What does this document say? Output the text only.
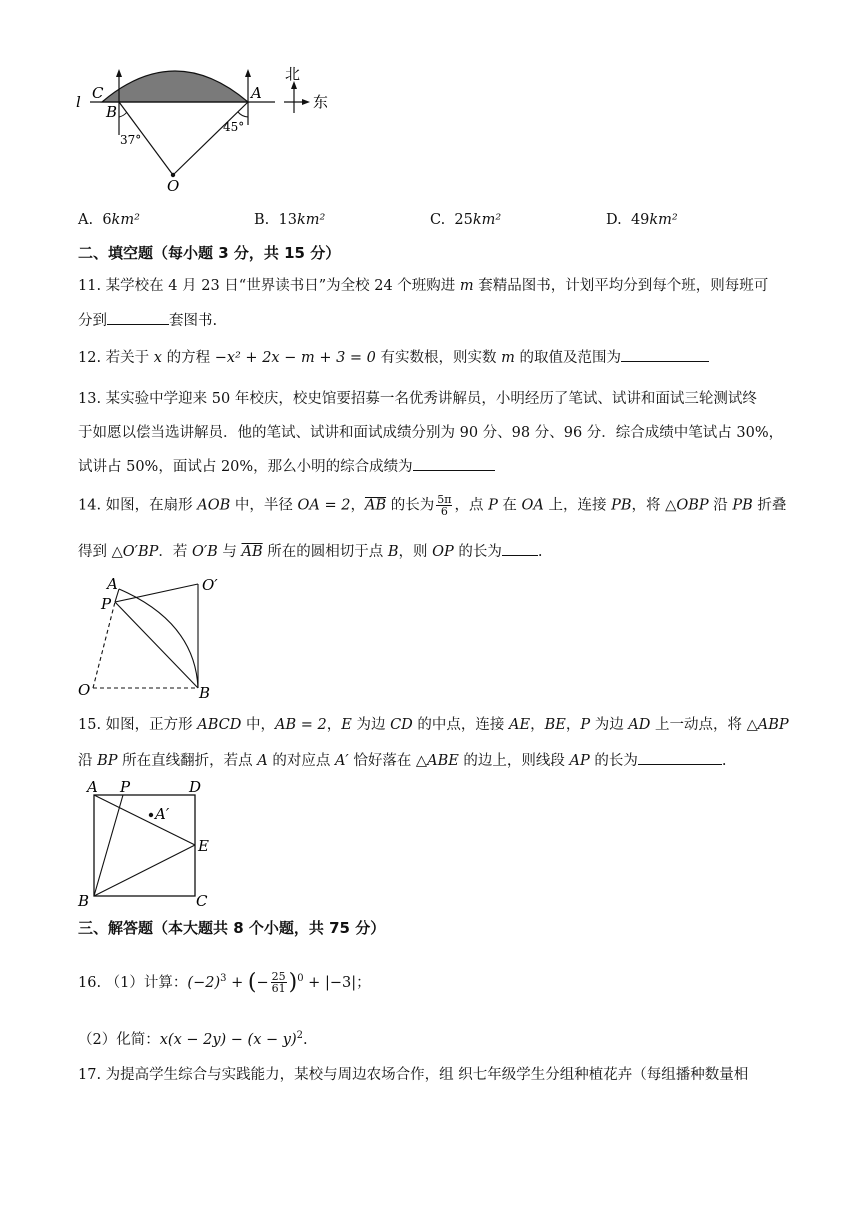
l C
B
A
O
37°
45°
北
东
A. 6km²	B. 13km²	C. 25km²	D. 49km²
二、填空题（每小题 3 分，共 15 分）
11. 某学校在 4 月 23 日“世界读书日”为全校 24 个班购进 m 套精品图书，计划平均分到每个班，则每班可
分到	套图书.
12. 若关于 x 的方程 −x² + 2x − m + 3 = 0 有实数根，则实数 m 的取值及范围为
13. 某实验中学迎来 50 年校庆，校史馆要招募一名优秀讲解员，小明经历了笔试、试讲和面试三轮测试终
于如愿以偿当选讲解员．他的笔试、试讲和面试成绩分别为 90 分、98 分、96 分．综合成绩中笔试占 30%，
试讲占 50%，面试占 20%，那么小明的综合成绩为
14. 如图，在扇形 AOB 中，半径 OA = 2，$\overline{AB}$ 的长为 $\frac{5\pi}{6}$ ，点 P 在 OA 上，连接 PB，将 △OBP 沿 PB 折叠
得到 △O′BP．若 O′B 与 $\overline{AB}$ 所在的圆相切于点 B，则 OP 的长为 .
A	O′
P
O	B
15. 如图，正方形 ABCD 中，AB = 2，E 为边 CD 的中点，连接 AE，BE，P 为边 AD 上一动点，将 △ABP
沿 BP 所在直线翻折，若点 A 的对应点 A′ 恰好落在 △ABE 的边上，则线段 AP 的长为	.
A P	D
A′
E
B	C
三、解答题（本大题共 8 个小题，共 75 分）
16. （1）计算：$(-2)^3$ + (− $\frac{25}{61} )^0 + |-3|$；
（2）化简：$x(x - 2y) - (x - y)^2$.
17. 为提高学生综合与实践能力，某校与周边农场合作，组 织七年级学生分组种植花卉（每组播种数量相
